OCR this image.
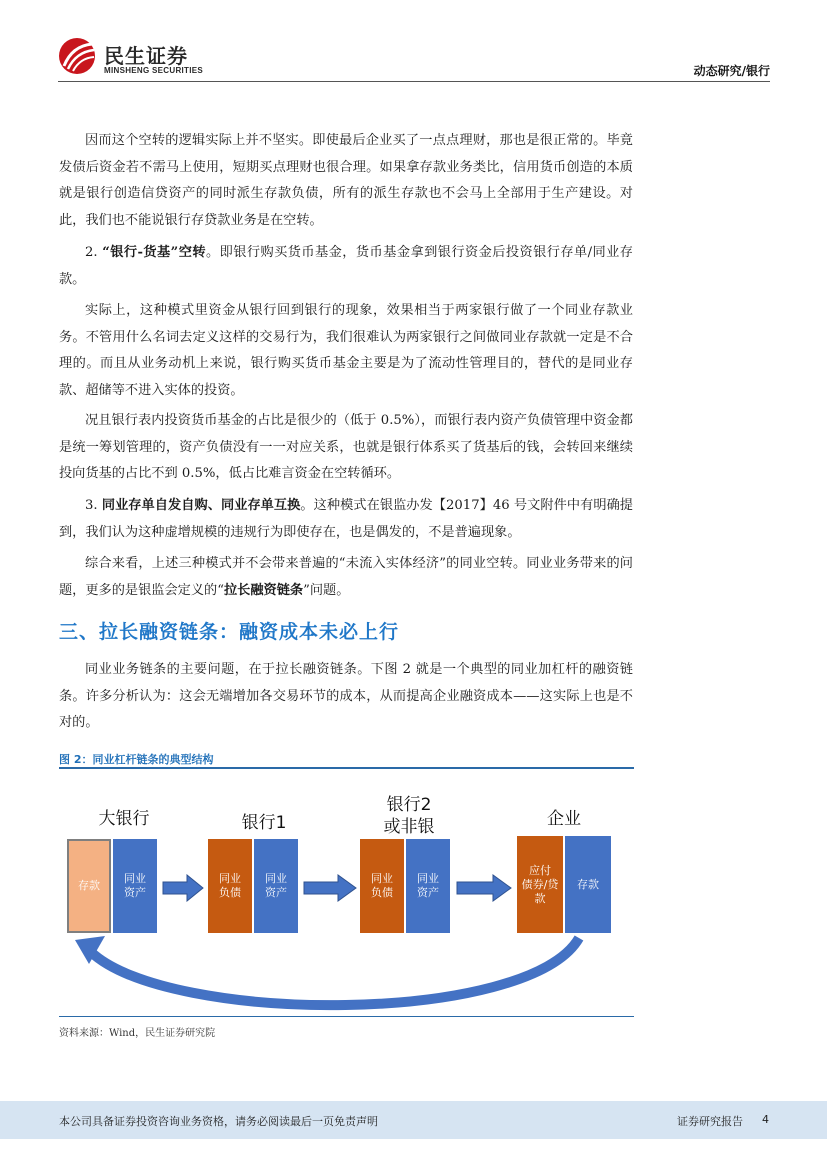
民生证券
MINSHENG SECURITIES	动态研究/银行
因而这个空转的逻辑实际上并不坚实。即使最后企业买了一点点理财，那也是很正常的。毕竟发债后资金若不需马上使用，短期买点理财也很合理。如果拿存款业务类比，信用货币创造的本质就是银行创造信贷资产的同时派生存款负债，所有的派生存款也不会马上全部用于生产建设。对此，我们也不能说银行存贷款业务是在空转。
2. “银行-货基”空转。即银行购买货币基金，货币基金拿到银行资金后投资银行存单/同业存款。
实际上，这种模式里资金从银行回到银行的现象，效果相当于两家银行做了一个同业存款业务。不管用什么名词去定义这样的交易行为，我们很难认为两家银行之间做同业存款就一定是不合理的。而且从业务动机上来说，银行购买货币基金主要是为了流动性管理目的，替代的是同业存款、超储等不进入实体的投资。
况且银行表内投资货币基金的占比是很少的（低于 0.5%），而银行表内资产负债管理中资金都是统一筹划管理的，资产负债没有一一对应关系，也就是银行体系买了货基后的钱，会转回来继续投向货基的占比不到 0.5%，低占比难言资金在空转循环。
3. 同业存单自发自购、同业存单互换。这种模式在银监办发【2017】46 号文附件中有明确提到，我们认为这种虚增规模的违规行为即使存在，也是偶发的，不是普遍现象。
综合来看，上述三种模式并不会带来普遍的“未流入实体经济”的同业空转。同业业务带来的问题，更多的是银监会定义的“拉长融资链条”问题。
三、拉长融资链条：融资成本未必上行
同业业务链条的主要问题，在于拉长融资链条。下图 2 就是一个典型的同业加杠杆的融资链条。许多分析认为：这会无端增加各交易环节的成本，从而提高企业融资成本——这实际上也是不对的。
图 2：同业杠杆链条的典型结构
大银行
存款
同业
资产
银行1
同业
负债
同业
资产
银行2
或非银
同业
负债
同业
资产
企业
应付
债券/贷
款
存款
资料来源：Wind，民生证券研究院
本公司具备证券投资咨询业务资格，请务必阅读最后一页免责声明	证券研究报告 4
